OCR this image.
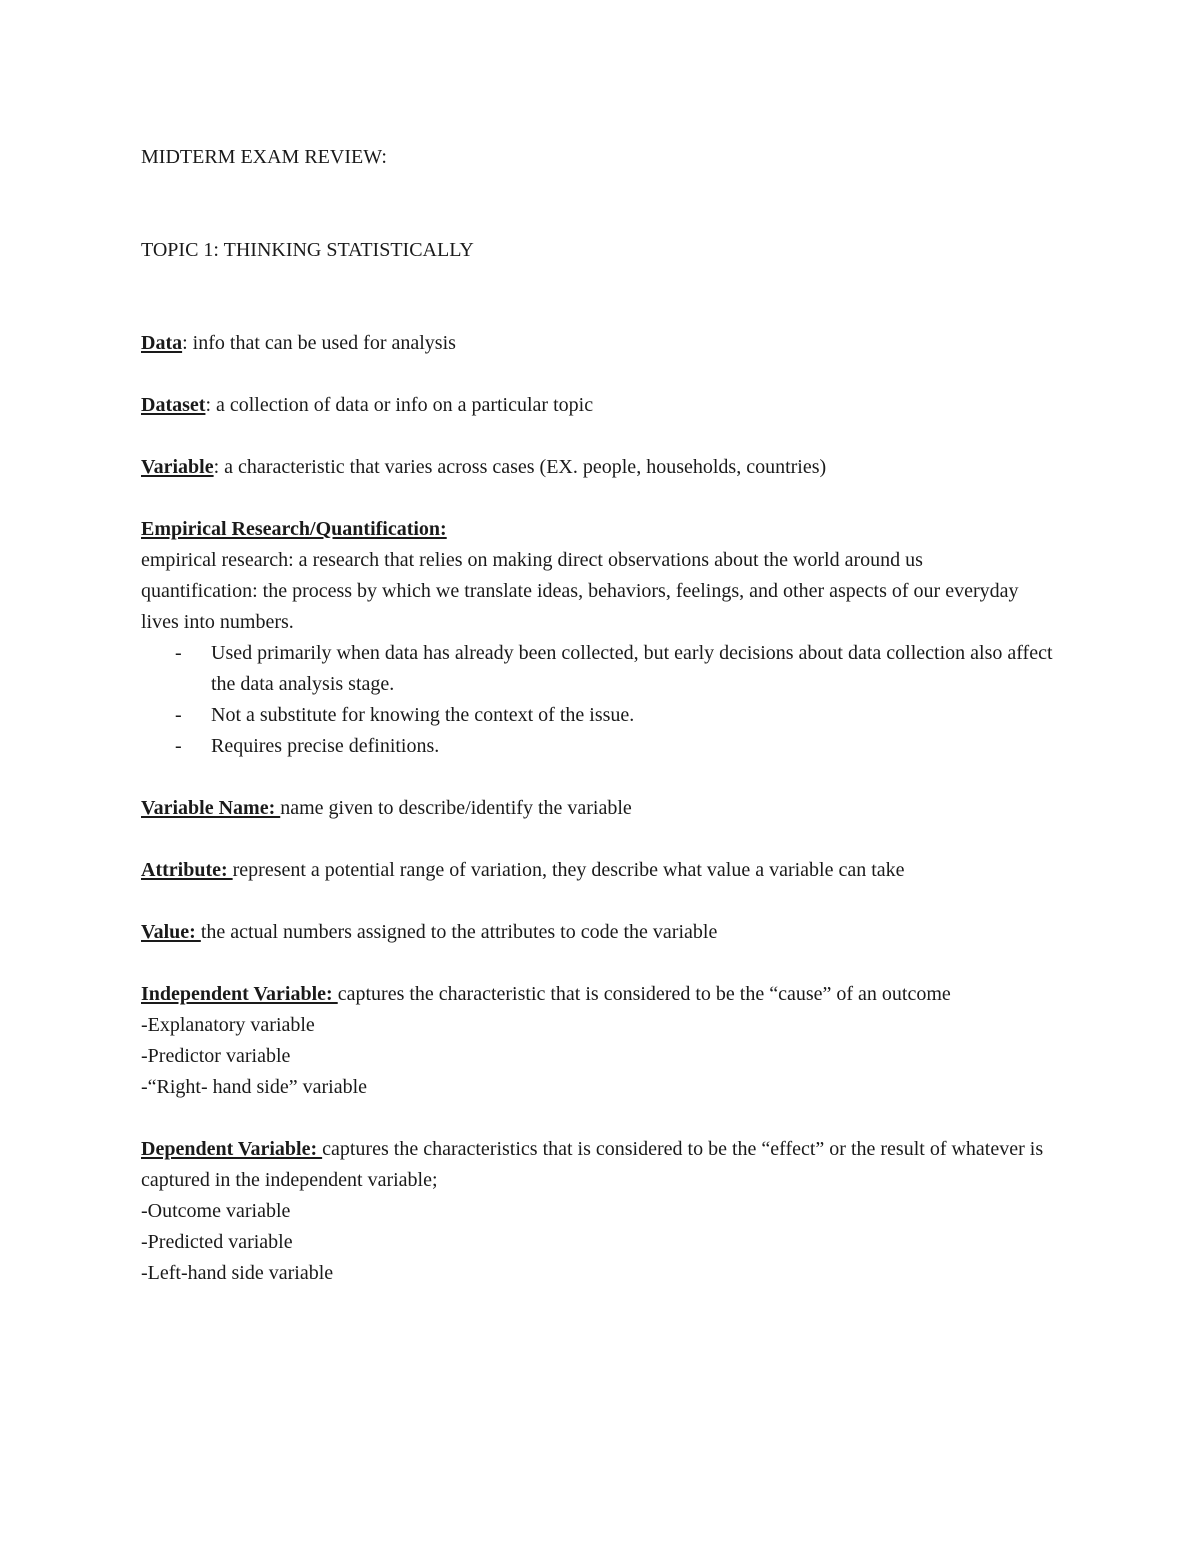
MIDTERM EXAM REVIEW:

TOPIC 1: THINKING STATISTICALLY

Data: info that can be used for analysis

Dataset: a collection of data or info on a particular topic

Variable: a characteristic that varies across cases (EX. people, households, countries)

Empirical Research/Quantification:

empirical research: a research that relies on making direct observations about the world around us

quantification: the process by which we translate ideas, behaviors, feelings, and other aspects of our everyday lives into numbers.

- Used primarily when data has already been collected, but early decisions about data collection also affect the data analysis stage.
- Not a substitute for knowing the context of the issue.
- Requires precise definitions.

Variable Name: name given to describe/identify the variable

Attribute: represent a potential range of variation, they describe what value a variable can take

Value: the actual numbers assigned to the attributes to code the variable

Independent Variable: captures the characteristic that is considered to be the “cause” of an outcome

-Explanatory variable

-Predictor variable

-“Right- hand side” variable

Dependent Variable: captures the characteristics that is considered to be the “effect” or the result of whatever is captured in the independent variable;

-Outcome variable

-Predicted variable

-Left-hand side variable
